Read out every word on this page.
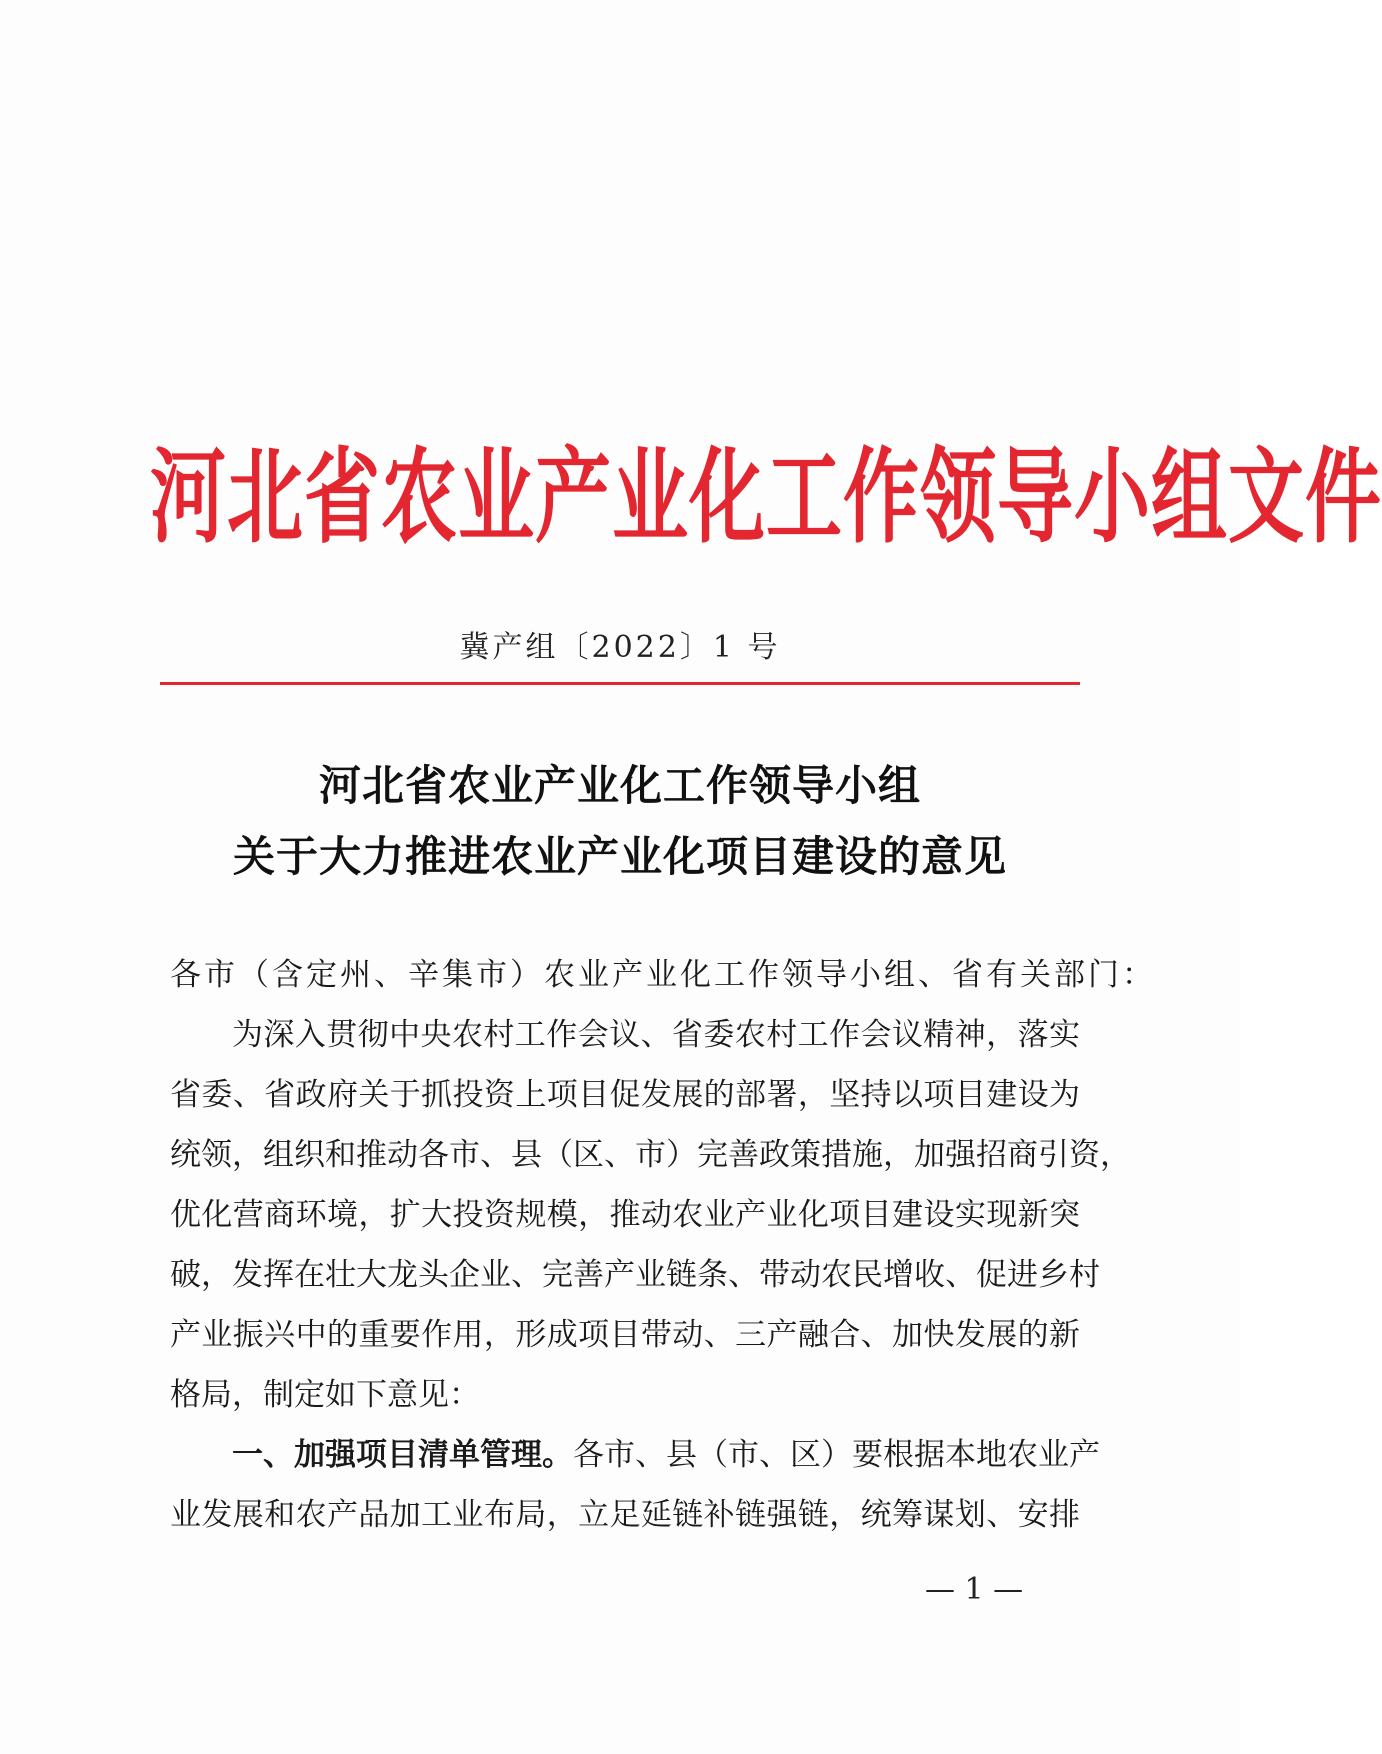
河北省农业产业化工作领导小组文件
冀产组〔2022〕1 号
河北省农业产业化工作领导小组
关于大力推进农业产业化项目建设的意见
各市（含定州、辛集市）农业产业化工作领导小组、省有关部门：
为深入贯彻中央农村工作会议、省委农村工作会议精神，落实
省委、省政府关于抓投资上项目促发展的部署，坚持以项目建设为
统领，组织和推动各市、县（区、市）完善政策措施，加强招商引资，
优化营商环境，扩大投资规模，推动农业产业化项目建设实现新突
破，发挥在壮大龙头企业、完善产业链条、带动农民增收、促进乡村
产业振兴中的重要作用，形成项目带动、三产融合、加快发展的新
格局，制定如下意见：
一、加强项目清单管理。各市、县（市、区）要根据本地农业产
业发展和农产品加工业布局，立足延链补链强链，统筹谋划、安排
— 1 —
